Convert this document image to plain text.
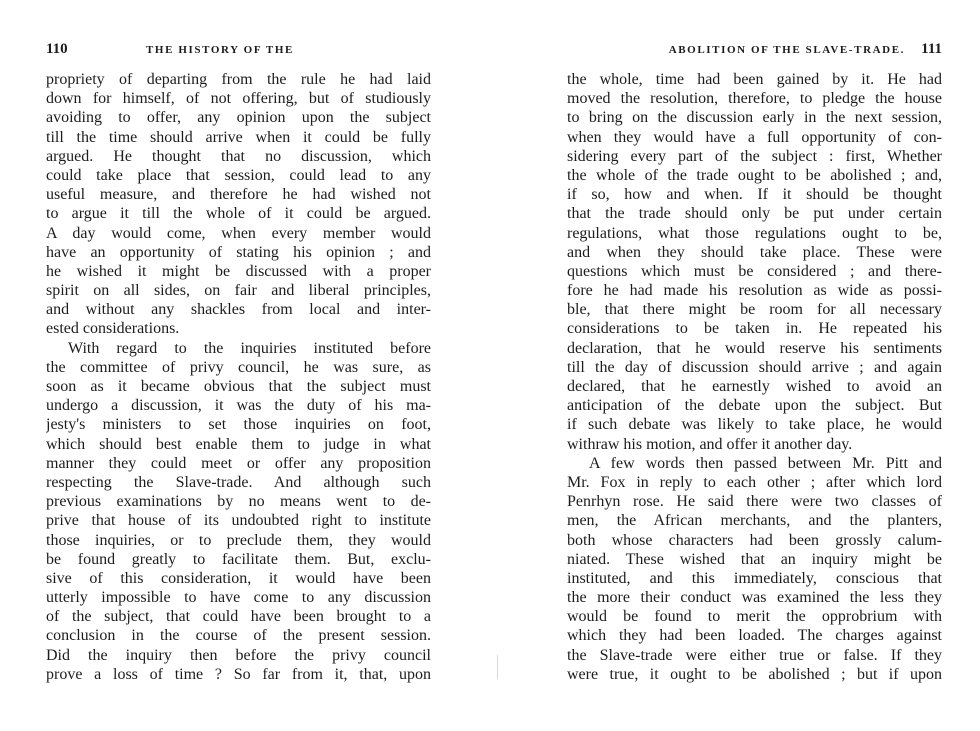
110	THE HISTORY OF THE
propriety of departing from the rule he had laid
down for himself, of not offering, but of studiously
avoiding to offer, any opinion upon the subject
till the time should arrive when it could be fully
argued. He thought that no discussion, which
could take place that session, could lead to any
useful measure, and therefore he had wished not
to argue it till the whole of it could be argued.
A day would come, when every member would
have an opportunity of stating his opinion ; and
he wished it might be discussed with a proper
spirit on all sides, on fair and liberal principles,
and without any shackles from local and inter-
ested considerations.
With regard to the inquiries instituted before
the committee of privy council, he was sure, as
soon as it became obvious that the subject must
undergo a discussion, it was the duty of his ma-
jesty's ministers to set those inquiries on foot,
which should best enable them to judge in what
manner they could meet or offer any proposition
respecting the Slave-trade. And although such
previous examinations by no means went to de-
prive that house of its undoubted right to institute
those inquiries, or to preclude them, they would
be found greatly to facilitate them. But, exclu-
sive of this consideration, it would have been
utterly impossible to have come to any discussion
of the subject, that could have been brought to a
conclusion in the course of the present session.
Did the inquiry then before the privy council
prove a loss of time ? So far from it, that, upon
ABOLITION OF THE SLAVE-TRADE. 111
the whole, time had been gained by it. He had
moved the resolution, therefore, to pledge the house
to bring on the discussion early in the next session,
when they would have a full opportunity of con-
sidering every part of the subject : first, Whether
the whole of the trade ought to be abolished ; and,
if so, how and when. If it should be thought
that the trade should only be put under certain
regulations, what those regulations ought to be,
and when they should take place. These were
questions which must be considered ; and there-
fore he had made his resolution as wide as possi-
ble, that there might be room for all necessary
considerations to be taken in. He repeated his
declaration, that he would reserve his sentiments
till the day of discussion should arrive ; and again
declared, that he earnestly wished to avoid an
anticipation of the debate upon the subject. But
if such debate was likely to take place, he would
withraw his motion, and offer it another day.
A few words then passed between Mr. Pitt and
Mr. Fox in reply to each other ; after which lord
Penrhyn rose. He said there were two classes of
men, the African merchants, and the planters,
both whose characters had been grossly calum-
niated. These wished that an inquiry might be
instituted, and this immediately, conscious that
the more their conduct was examined the less they
would be found to merit the opprobrium with
which they had been loaded. The charges against
the Slave-trade were either true or false. If they
were true, it ought to be abolished ; but if upon
